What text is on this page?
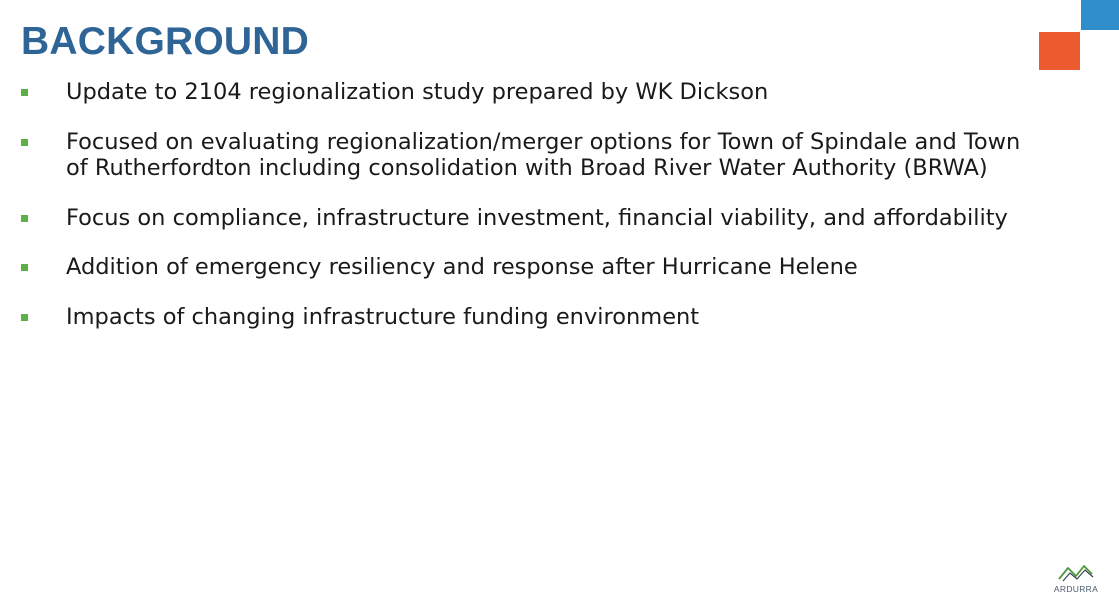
BACKGROUND
Update to 2104 regionalization study prepared by WK Dickson
Focused on evaluating regionalization/merger options for Town of Spindale and Town of Rutherfordton including consolidation with Broad River Water Authority (BRWA)
Focus on compliance, infrastructure investment, financial viability, and affordability
Addition of emergency resiliency and response after Hurricane Helene
Impacts of changing infrastructure funding environment
ARDURRA
